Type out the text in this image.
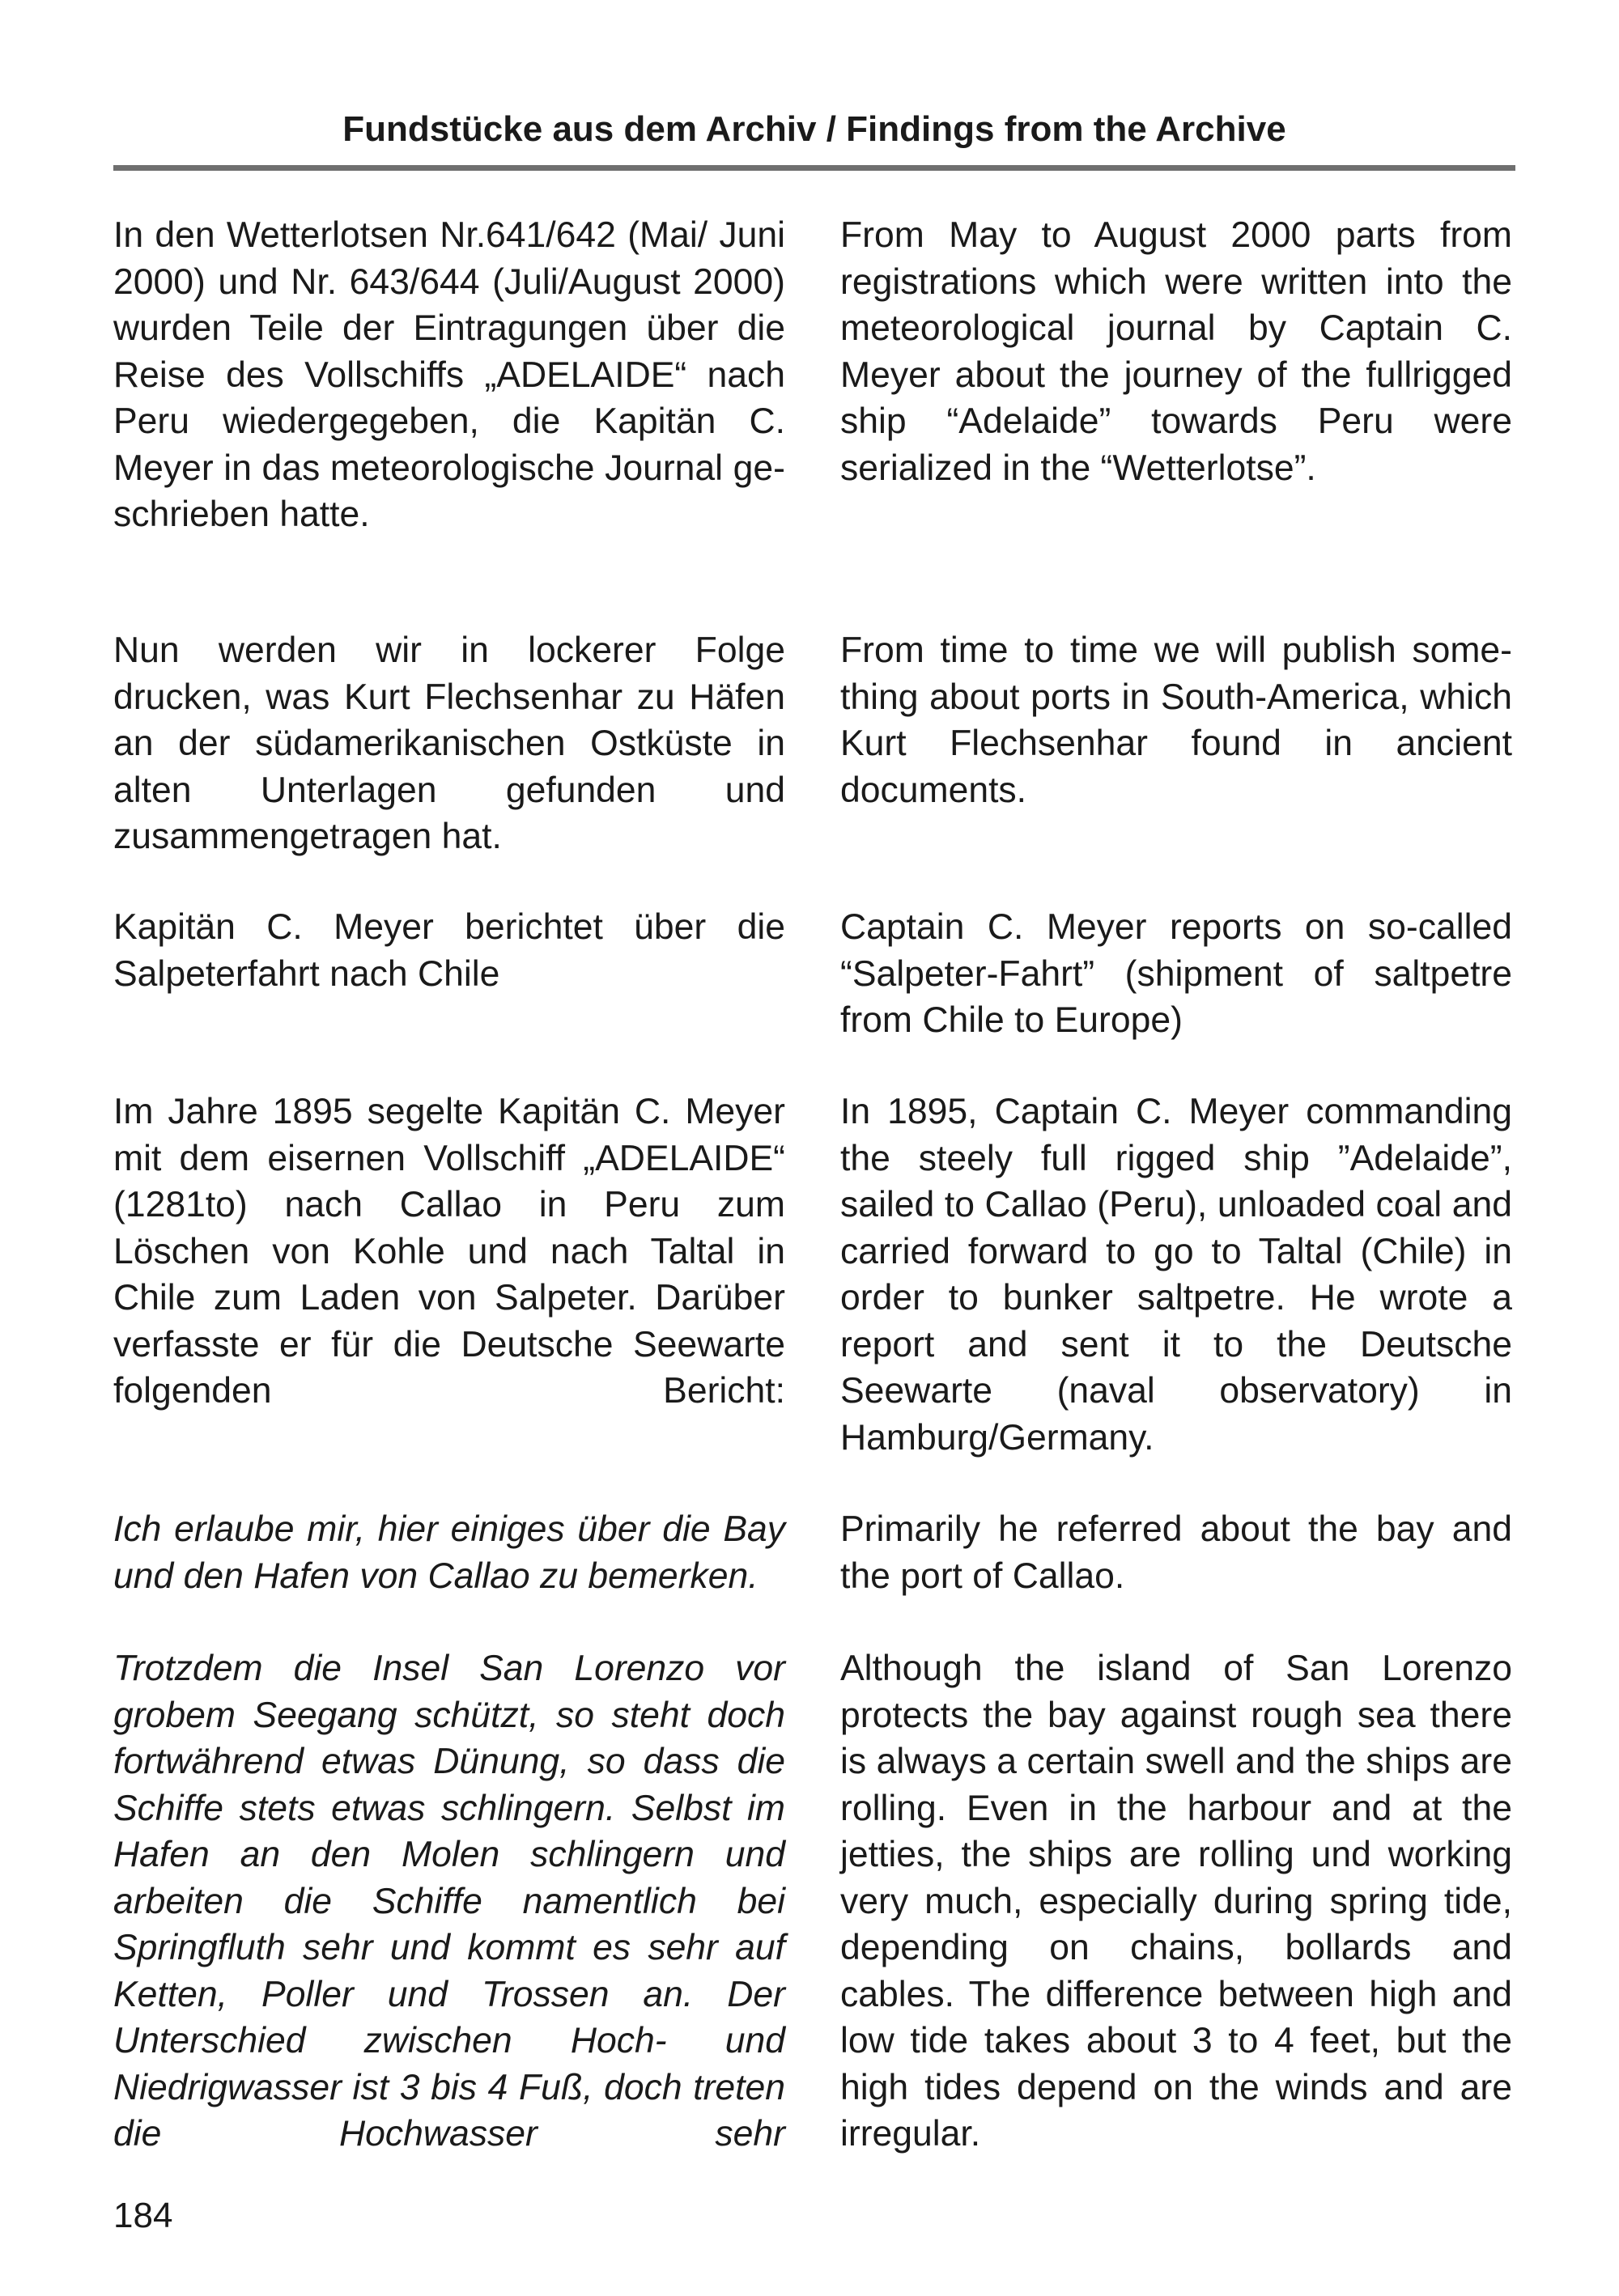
Fundstücke aus dem Archiv / Findings from the Archive

In den Wetterlotsen Nr.641/642 (Mai/ Juni 2000) und Nr. 643/644 (Juli/August 2000) wurden Teile der Eintragungen über die Reise des Vollschiffs „ADELAIDE“ nach Peru wiedergegeben, die Kapitän C. Meyer in das meteorologische Journal geschrieben hatte.

Nun werden wir in lockerer Folge drucken, was Kurt Flechsenhar zu Häfen an der südamerikanischen Ostküste in alten Unterlagen gefunden und zusammengetragen hat.

Kapitän C. Meyer berichtet über die Salpeterfahrt nach Chile

Im Jahre 1895 segelte Kapitän C. Meyer mit dem eisernen Vollschiff „ADELAIDE“ (1281to) nach Callao in Peru zum Löschen von Kohle und nach Taltal in Chile zum Laden von Salpeter. Darüber verfasste er für die Deutsche Seewarte folgenden Bericht:

Ich erlaube mir, hier einiges über die Bay und den Hafen von Callao zu bemerken.

Trotzdem die Insel San Lorenzo vor grobem Seegang schützt, so steht doch fortwährend etwas Dünung, so dass die Schiffe stets etwas schlingern. Selbst im Hafen an den Molen schlingern und arbeiten die Schiffe namentlich bei Springfluth sehr und kommt es sehr auf Ketten, Poller und Trossen an. Der Unterschied zwischen Hoch- und Niedrigwasser ist 3 bis 4 Fuß, doch treten die Hochwasser sehr

From May to August 2000 parts from registrations which were written into the meteorological journal by Captain C. Meyer about the journey of the fullrigged ship “Adelaide” towards Peru were serialized in the “Wetterlotse”.

From time to time we will publish something about ports in South-America, which Kurt Flechsenhar found in ancient documents.

Captain C. Meyer reports on so-called “Salpeter-Fahrt” (shipment of saltpetre from Chile to Europe)

In 1895, Captain C. Meyer commanding the steely full rigged ship ”Adelaide”, sailed to Callao (Peru), unloaded coal and carried forward to go to Taltal (Chile) in order to bunker saltpetre. He wrote a report and sent it to the Deutsche Seewarte (naval observatory) in Hamburg/Germany.

Primarily he referred about the bay and the port of Callao.

Although the island of San Lorenzo protects the bay against rough sea there is always a certain swell and the ships are rolling. Even in the harbour and at the jetties, the ships are rolling und working very much, especially during spring tide, depending on chains, bollards and cables. The difference between high and low tide takes about 3 to 4 feet, but the high tides depend on the winds and are irregular.

184
